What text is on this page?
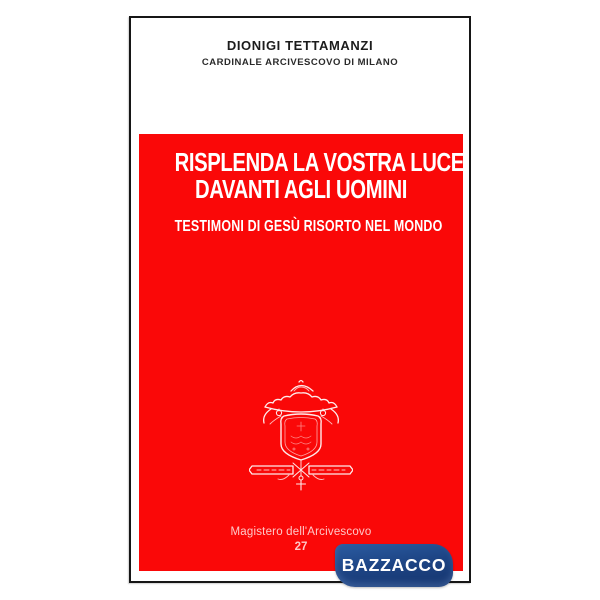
DIONIGI TETTAMANZI
CARDINALE ARCIVESCOVO DI MILANO
RISPLENDA LA VOSTRA LUCE
DAVANTI AGLI UOMINI
TESTIMONI DI GESÙ RISORTO NEL MONDO
Magistero dell'Arcivescovo
27
BAZZACCO
